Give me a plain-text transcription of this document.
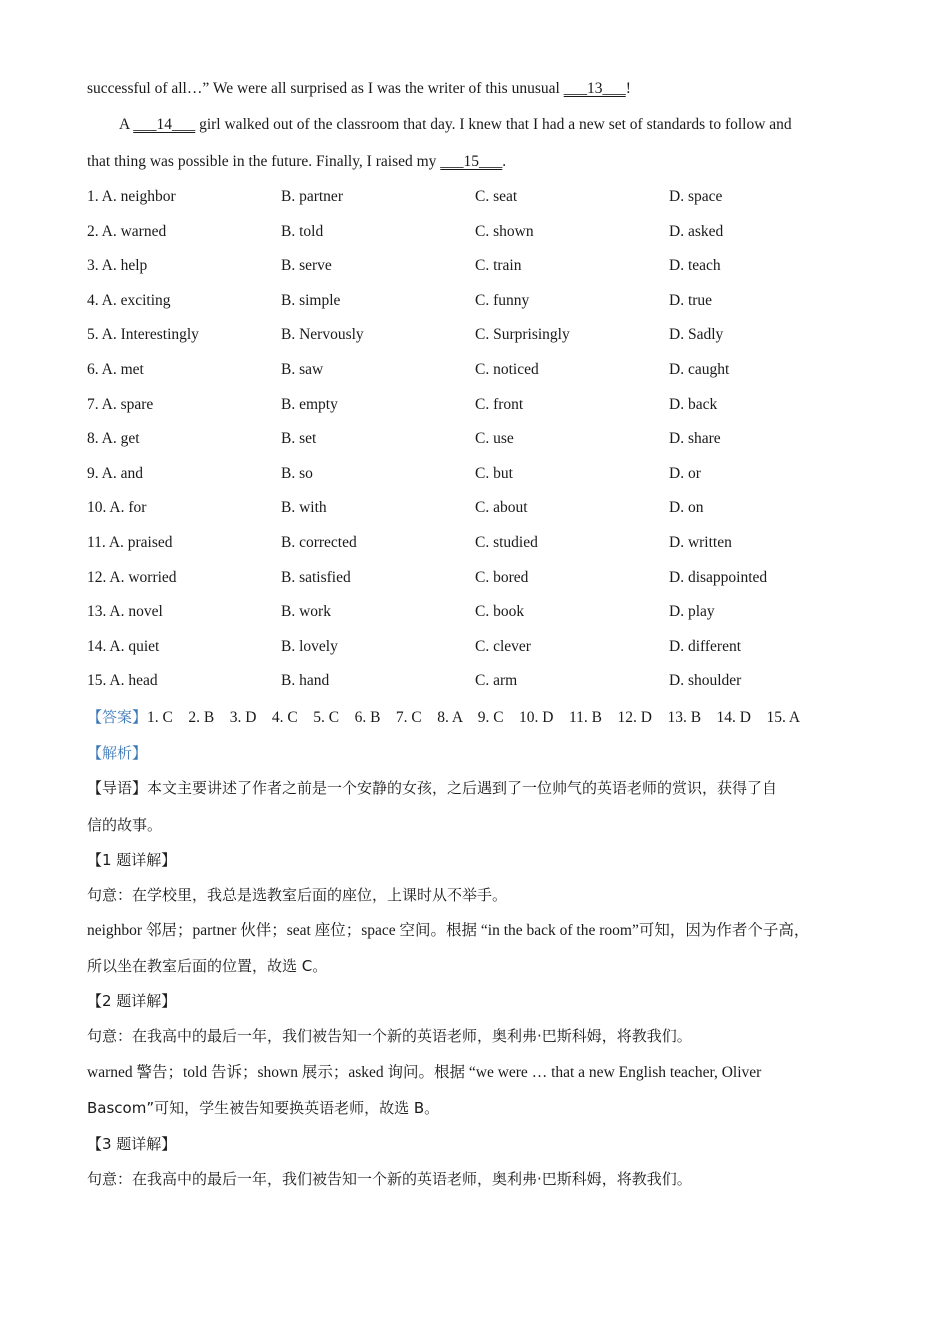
successful of all…” We were all surprised as I was the writer of this unusual ___13___!
A ___14___ girl walked out of the classroom that day. I knew that I had a new set of standards to follow and
that thing was possible in the future. Finally, I raised my ___15___.
1. A. neighbor	B. partner	C. seat	D. space
2. A. warned	B. told	C. shown	D. asked
3. A. help	B. serve	C. train	D. teach
4. A. exciting	B. simple	C. funny	D. true
5. A. Interestingly	B. Nervously	C. Surprisingly	D. Sadly
6. A. met	B. saw	C. noticed	D. caught
7. A. spare	B. empty	C. front	D. back
8. A. get	B. set	C. use	D. share
9. A. and	B. so	C. but	D. or
10. A. for	B. with	C. about	D. on
11. A. praised	B. corrected	C. studied	D. written
12. A. worried	B. satisfied	C. bored	D. disappointed
13. A. novel	B. work	C. book	D. play
14. A. quiet	B. lovely	C. clever	D. different
15. A. head	B. hand	C. arm	D. shoulder
【答案】1. C    2. B    3. D    4. C    5. C    6. B    7. C    8. A    9. C    10. D    11. B    12. D    13. B    14. D    15. A
【解析】
【导语】本文主要讲述了作者之前是一个安静的女孩，之后遇到了一位帅气的英语老师的赏识，获得了自
信的故事。
【1 题详解】
句意：在学校里，我总是选教室后面的座位，上课时从不举手。
neighbor 邻居；partner 伙伴；seat 座位；space 空间。根据 “in the back of the room”可知，因为作者个子高，
所以坐在教室后面的位置，故选 C。
【2 题详解】
句意：在我高中的最后一年，我们被告知一个新的英语老师，奥利弗·巴斯科姆，将教我们。
warned 警告；told 告诉；shown 展示；asked 询问。根据 “we were … that a new English teacher, Oliver
Bascom”可知，学生被告知要换英语老师，故选 B。
【3 题详解】
句意：在我高中的最后一年，我们被告知一个新的英语老师，奥利弗·巴斯科姆，将教我们。
